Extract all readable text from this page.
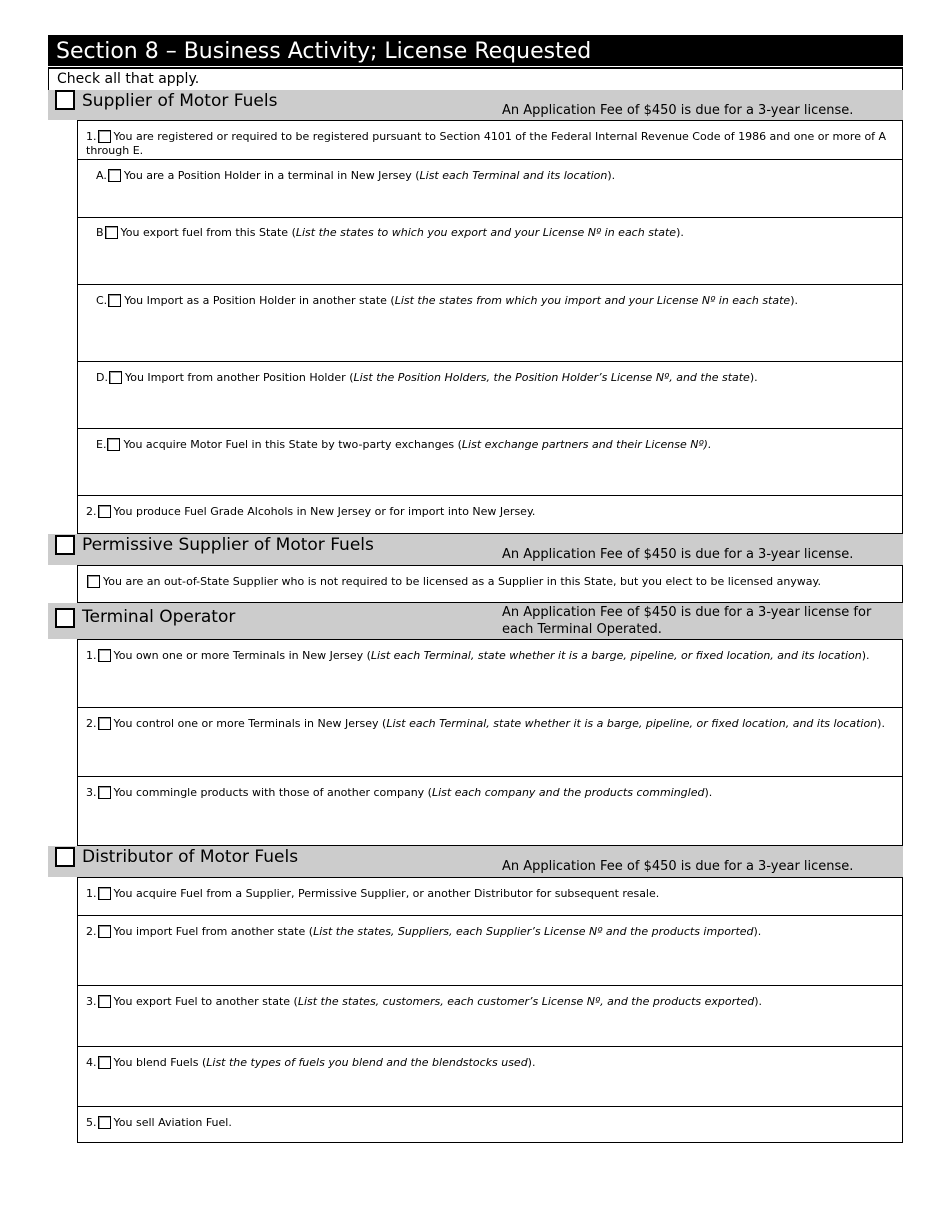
Section 8 – Business Activity; License Requested
Check all that apply.
Supplier of Motor Fuels	An Application Fee of $450 is due for a 3-year license.
1. You are registered or required to be registered pursuant to Section 4101 of the Federal Internal Revenue Code of 1986 and one or more of A through E.
A. You are a Position Holder in a terminal in New Jersey (List each Terminal and its location).
B You export fuel from this State (List the states to which you export and your License Nº in each state).
C. You Import as a Position Holder in another state (List the states from which you import and your License Nº in each state).
D. You Import from another Position Holder (List the Position Holders, the Position Holder’s License Nº, and the state).
E. You acquire Motor Fuel in this State by two-party exchanges (List exchange partners and their License Nº).
2. You produce Fuel Grade Alcohols in New Jersey or for import into New Jersey.
Permissive Supplier of Motor Fuels	An Application Fee of $450 is due for a 3-year license.
You are an out-of-State Supplier who is not required to be licensed as a Supplier in this State, but you elect to be licensed anyway.
Terminal Operator	An Application Fee of $450 is due for a 3-year license for each Terminal Operated.
1. You own one or more Terminals in New Jersey (List each Terminal, state whether it is a barge, pipeline, or fixed location, and its location).
2. You control one or more Terminals in New Jersey (List each Terminal, state whether it is a barge, pipeline, or fixed location, and its location).
3. You commingle products with those of another company (List each company and the products commingled).
Distributor of Motor Fuels	An Application Fee of $450 is due for a 3-year license.
1. You acquire Fuel from a Supplier, Permissive Supplier, or another Distributor for subsequent resale.
2. You import Fuel from another state (List the states, Suppliers, each Supplier’s License Nº and the products imported).
3. You export Fuel to another state (List the states, customers, each customer’s License Nº, and the products exported).
4. You blend Fuels (List the types of fuels you blend and the blendstocks used).
5. You sell Aviation Fuel.
